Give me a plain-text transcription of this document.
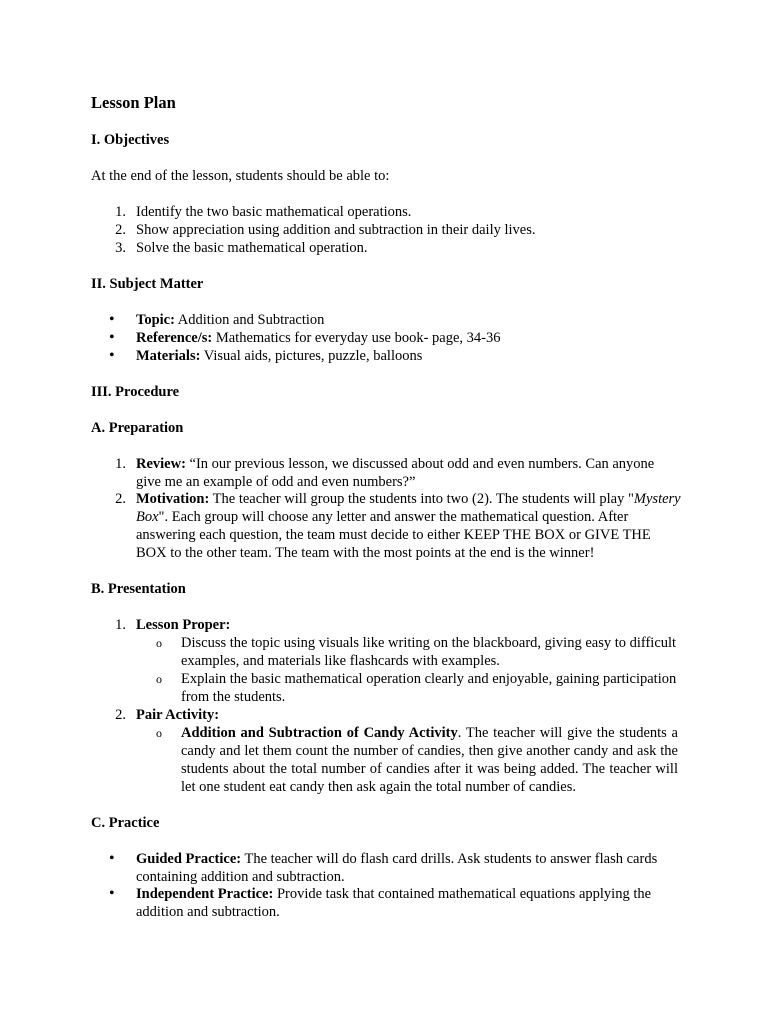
Lesson Plan
I. Objectives
At the end of the lesson, students should be able to:
1. Identify the two basic mathematical operations.
2. Show appreciation using addition and subtraction in their daily lives.
3. Solve the basic mathematical operation.
II. Subject Matter
• Topic: Addition and Subtraction
• Reference/s: Mathematics for everyday use book- page, 34-36
• Materials: Visual aids, pictures, puzzle, balloons
III. Procedure
A. Preparation
1. Review: “In our previous lesson, we discussed about odd and even numbers. Can anyone give me an example of odd and even numbers?”
2. Motivation: The teacher will group the students into two (2). The students will play "Mystery Box". Each group will choose any letter and answer the mathematical question. After answering each question, the team must decide to either KEEP THE BOX or GIVE THE BOX to the other team. The team with the most points at the end is the winner!
B. Presentation
1. Lesson Proper:
o Discuss the topic using visuals like writing on the blackboard, giving easy to difficult examples, and materials like flashcards with examples.
o Explain the basic mathematical operation clearly and enjoyable, gaining participation from the students.
2. Pair Activity:
o Addition and Subtraction of Candy Activity. The teacher will give the students a candy and let them count the number of candies, then give another candy and ask the students about the total number of candies after it was being added. The teacher will let one student eat candy then ask again the total number of candies.
C. Practice
• Guided Practice: The teacher will do flash card drills. Ask students to answer flash cards containing addition and subtraction.
• Independent Practice: Provide task that contained mathematical equations applying the addition and subtraction.
